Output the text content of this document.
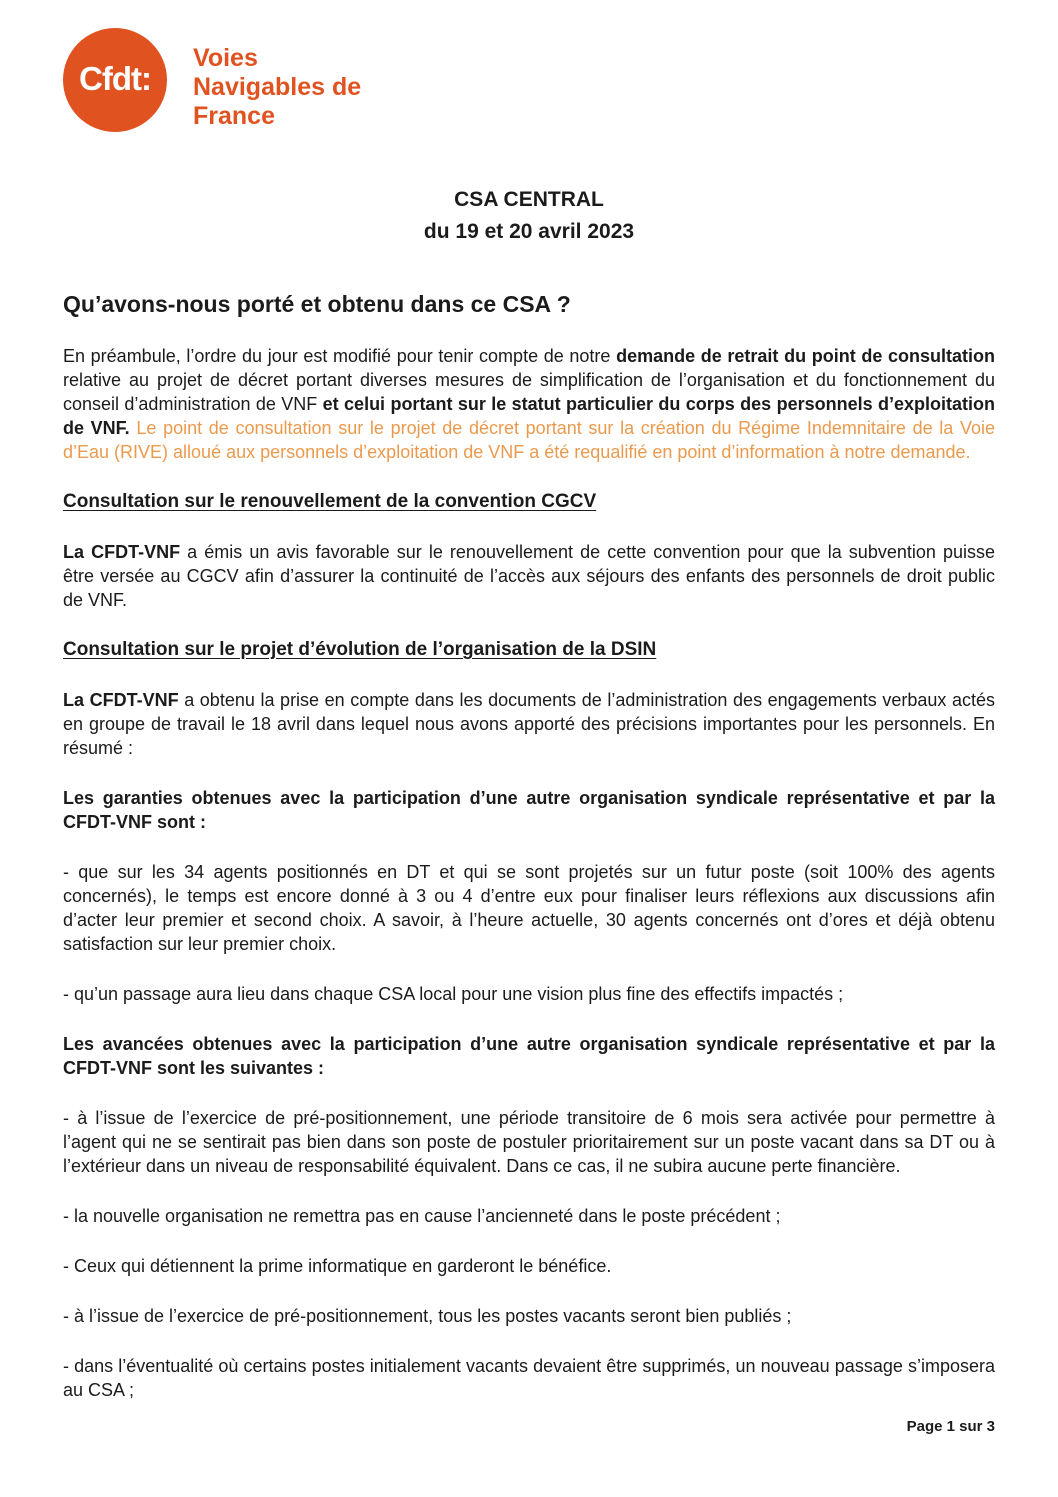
Cfdt:
Voies
Navigables de
France
CSA CENTRAL
du 19 et 20 avril 2023
Qu’avons-nous porté et obtenu dans ce CSA ?
En préambule, l’ordre du jour est modifié pour tenir compte de notre demande de retrait du point de consultation relative au projet de décret portant diverses mesures de simplification de l’organisation et du fonctionnement du conseil d’administration de VNF et celui portant sur le statut particulier du corps des personnels d’exploitation de VNF. Le point de consultation sur le projet de décret portant sur la création du Régime Indemnitaire de la Voie d’Eau (RIVE) alloué aux personnels d’exploitation de VNF a été requalifié en point d’information à notre demande.
Consultation sur le renouvellement de la convention CGCV
La CFDT-VNF a émis un avis favorable sur le renouvellement de cette convention pour que la subvention puisse être versée au CGCV afin d’assurer la continuité de l’accès aux séjours des enfants des personnels de droit public de VNF.
Consultation sur le projet d’évolution de l’organisation de la DSIN
La CFDT-VNF a obtenu la prise en compte dans les documents de l’administration des engagements verbaux actés en groupe de travail le 18 avril dans lequel nous avons apporté des précisions importantes pour les personnels. En résumé :
Les garanties obtenues avec la participation d’une autre organisation syndicale représentative et par la CFDT-VNF sont :
- que sur les 34 agents positionnés en DT et qui se sont projetés sur un futur poste (soit 100% des agents concernés), le temps est encore donné à 3 ou 4 d’entre eux pour finaliser leurs réflexions aux discussions afin d’acter leur premier et second choix. A savoir, à l’heure actuelle, 30 agents concernés ont d’ores et déjà obtenu satisfaction sur leur premier choix.
- qu’un passage aura lieu dans chaque CSA local pour une vision plus fine des effectifs impactés ;
Les avancées obtenues avec la participation d’une autre organisation syndicale représentative et par la CFDT-VNF sont les suivantes :
- à l’issue de l’exercice de pré-positionnement, une période transitoire de 6 mois sera activée pour permettre à l’agent qui ne se sentirait pas bien dans son poste de postuler prioritairement sur un poste vacant dans sa DT ou à l’extérieur dans un niveau de responsabilité équivalent. Dans ce cas, il ne subira aucune perte financière.
- la nouvelle organisation ne remettra pas en cause l’ancienneté dans le poste précédent ;
- Ceux qui détiennent la prime informatique en garderont le bénéfice.
- à l’issue de l’exercice de pré-positionnement, tous les postes vacants seront bien publiés ;
- dans l’éventualité où certains postes initialement vacants devaient être supprimés, un nouveau passage s’imposera au CSA ;
Page 1 sur 3
